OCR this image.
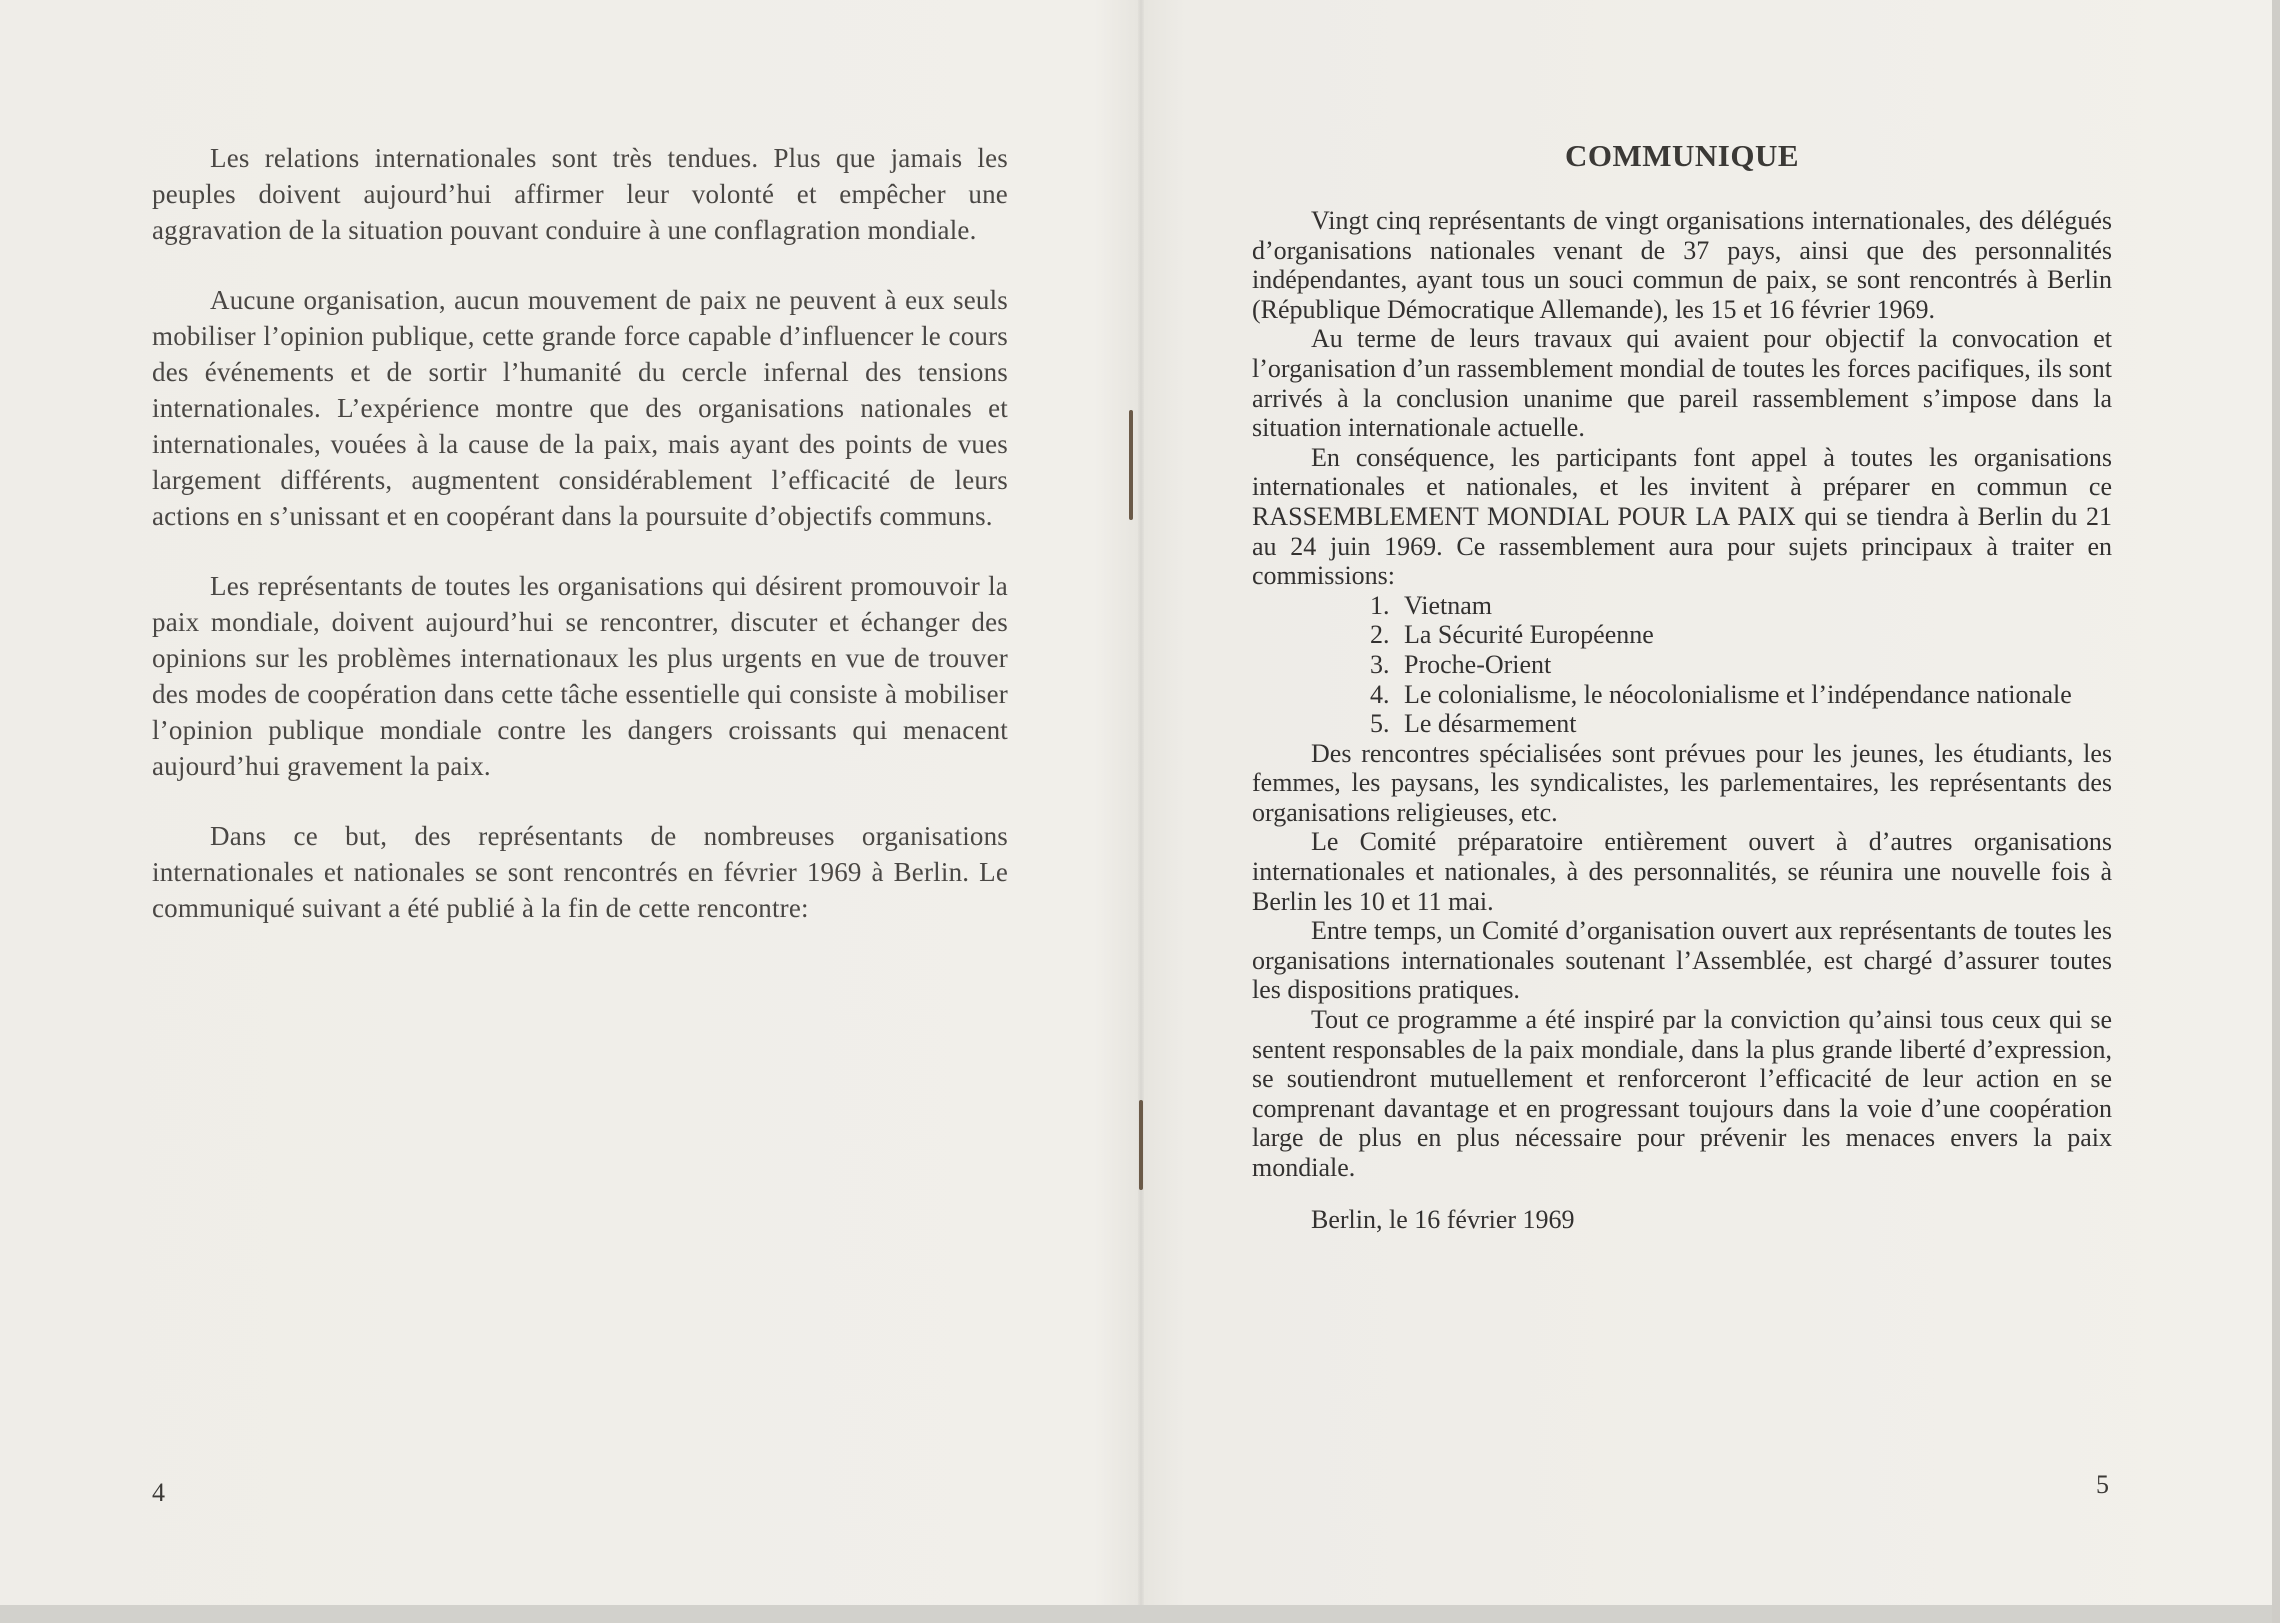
Les relations internationales sont très tendues. Plus que jamais les peuples doivent aujourd’hui affirmer leur volonté et empêcher une aggravation de la situation pouvant conduire à une conflagration mondiale.

Aucune organisation, aucun mouvement de paix ne peuvent à eux seuls mobiliser l’opinion publique, cette grande force capable d’influencer le cours des événements et de sortir l’humanité du cercle infernal des tensions internationales. L’expérience montre que des organisations nationales et internationales, vouées à la cause de la paix, mais ayant des points de vues largement différents, augmentent considérablement l’efficacité de leurs actions en s’unissant et en coopérant dans la poursuite d’objectifs communs.

Les représentants de toutes les organisations qui désirent promouvoir la paix mondiale, doivent aujourd’hui se rencontrer, discuter et échanger des opinions sur les problèmes internationaux les plus urgents en vue de trouver des modes de coopération dans cette tâche essentielle qui consiste à mobiliser l’opinion publique mondiale contre les dangers croissants qui menacent aujourd’hui gravement la paix.

Dans ce but, des représentants de nombreuses organisations internationales et nationales se sont rencontrés en février 1969 à Berlin. Le communiqué suivant a été publié à la fin de cette rencontre:

COMMUNIQUE

Vingt cinq représentants de vingt organisations internationales, des délégués d’organisations nationales venant de 37 pays, ainsi que des personnalités indépendantes, ayant tous un souci commun de paix, se sont rencontrés à Berlin (République Démocratique Allemande), les 15 et 16 février 1969.

Au terme de leurs travaux qui avaient pour objectif la convocation et l’organisation d’un rassemblement mondial de toutes les forces pacifiques, ils sont arrivés à la conclusion unanime que pareil rassemblement s’impose dans la situation internationale actuelle.

En conséquence, les participants font appel à toutes les organisations internationales et nationales, et les invitent à préparer en commun ce RASSEMBLEMENT MONDIAL POUR LA PAIX qui se tiendra à Berlin du 21 au 24 juin 1969. Ce rassemblement aura pour sujets principaux à traiter en commissions:

1. Vietnam
2. La Sécurité Européenne
3. Proche-Orient
4. Le colonialisme, le néocolonialisme et l’indépendance nationale
5. Le désarmement

Des rencontres spécialisées sont prévues pour les jeunes, les étudiants, les femmes, les paysans, les syndicalistes, les parlementaires, les représentants des organisations religieuses, etc.

Le Comité préparatoire entièrement ouvert à d’autres organisations internationales et nationales, à des personnalités, se réunira une nouvelle fois à Berlin les 10 et 11 mai.

Entre temps, un Comité d’organisation ouvert aux représentants de toutes les organisations internationales soutenant l’Assemblée, est chargé d’assurer toutes les dispositions pratiques.

Tout ce programme a été inspiré par la conviction qu’ainsi tous ceux qui se sentent responsables de la paix mondiale, dans la plus grande liberté d’expression, se soutiendront mutuellement et renforceront l’efficacité de leur action en se comprenant davantage et en progressant toujours dans la voie d’une coopération large de plus en plus nécessaire pour prévenir les menaces envers la paix mondiale.

Berlin, le 16 février 1969

4	5
